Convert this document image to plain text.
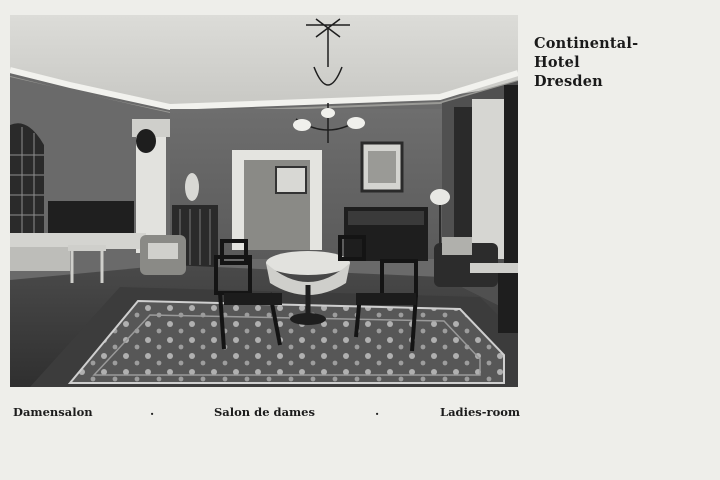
Continental-
Hotel
Dresden
Damensalon	.	Salon de dames	.	Ladies-room
